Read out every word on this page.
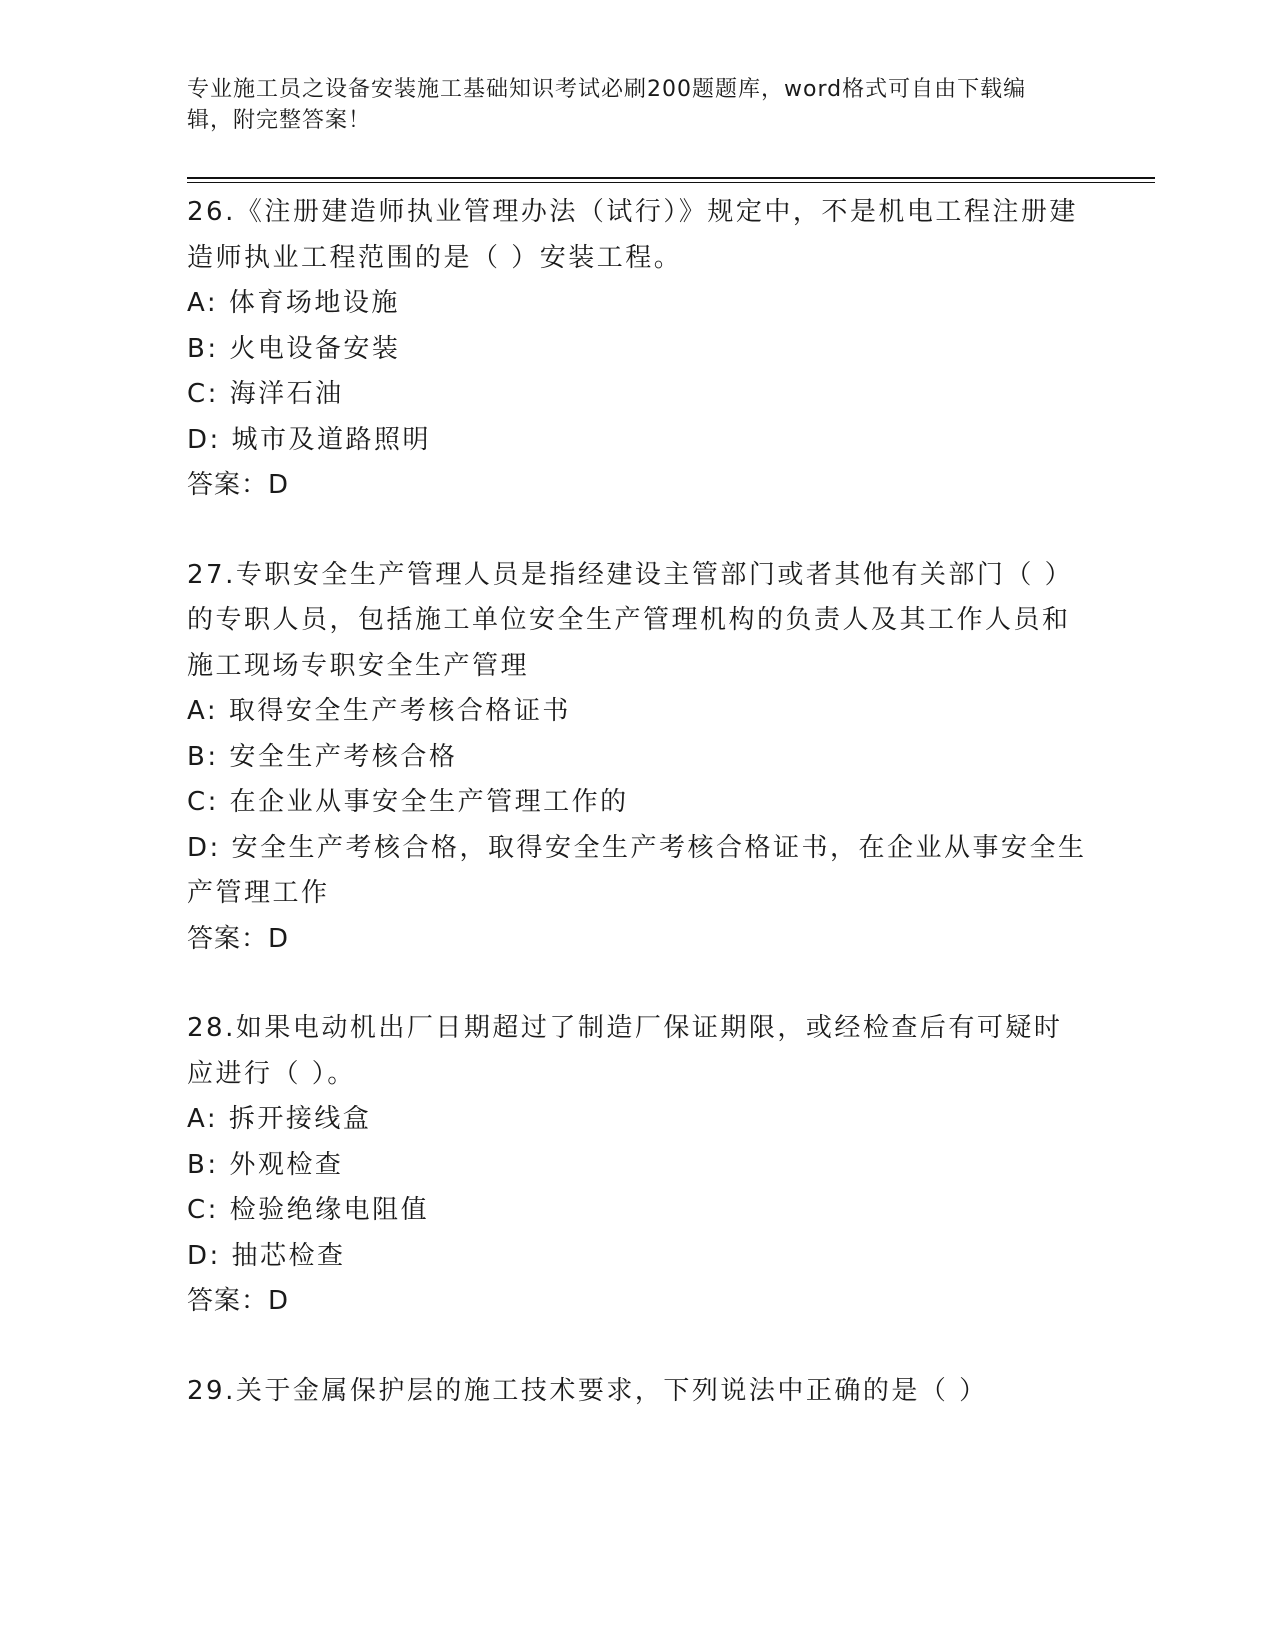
专业施工员之设备安装施工基础知识考试必刷200题题库，word格式可自由下载编辑，附完整答案！

26.《注册建造师执业管理办法（试行）》规定中，不是机电工程注册建造师执业工程范围的是（ ）安装工程。

A: 体育场地设施

B: 火电设备安装

C: 海洋石油

D: 城市及道路照明

答案：D

27.专职安全生产管理人员是指经建设主管部门或者其他有关部门（ ）的专职人员，包括施工单位安全生产管理机构的负责人及其工作人员和施工现场专职安全生产管理

A: 取得安全生产考核合格证书

B: 安全生产考核合格

C: 在企业从事安全生产管理工作的

D: 安全生产考核合格，取得安全生产考核合格证书，在企业从事安全生产管理工作

答案：D

28.如果电动机出厂日期超过了制造厂保证期限，或经检查后有可疑时应进行（ ）。

A: 拆开接线盒

B: 外观检查

C: 检验绝缘电阻值

D: 抽芯检查

答案：D

29.关于金属保护层的施工技术要求，下列说法中正确的是（ ）
